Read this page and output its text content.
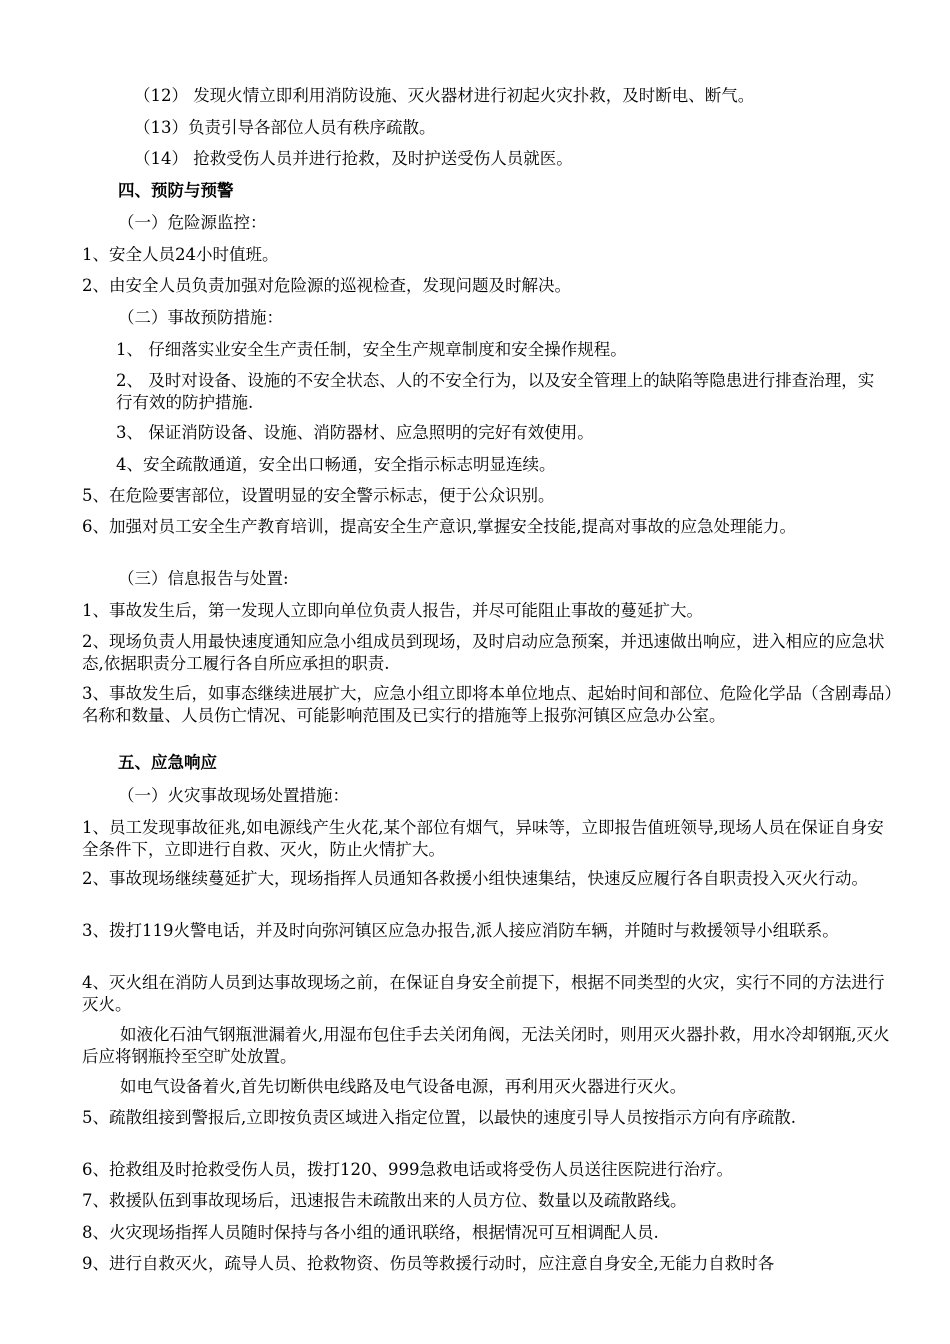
（12） 发现火情立即利用消防设施、灭火器材进行初起火灾扑救，及时断电、断气。
（13）负责引导各部位人员有秩序疏散。
（14） 抢救受伤人员并进行抢救，及时护送受伤人员就医。
四、预防与预警
（一）危险源监控：
1、安全人员24小时值班。
2、由安全人员负责加强对危险源的巡视检查，发现问题及时解决。
（二）事故预防措施：
1、 仔细落实业安全生产责任制，安全生产规章制度和安全操作规程。
2、 及时对设备、设施的不安全状态、人的不安全行为，以及安全管理上的缺陷等隐患进行排查治理，实行有效的防护措施.
3、 保证消防设备、设施、消防器材、应急照明的完好有效使用。
4、安全疏散通道，安全出口畅通，安全指示标志明显连续。
5、在危险要害部位，设置明显的安全警示标志，便于公众识别。
6、加强对员工安全生产教育培训，提高安全生产意识,掌握安全技能,提高对事故的应急处理能力。
（三）信息报告与处置:
1、事故发生后，第一发现人立即向单位负责人报告，并尽可能阻止事故的蔓延扩大。
2、现场负责人用最快速度通知应急小组成员到现场，及时启动应急预案，并迅速做出响应，进入相应的应急状态,依据职责分工履行各自所应承担的职责.
3、事故发生后，如事态继续进展扩大，应急小组立即将本单位地点、起始时间和部位、危险化学品（含剧毒品）名称和数量、人员伤亡情况、可能影响范围及已实行的措施等上报弥河镇区应急办公室。
五、应急响应
（一）火灾事故现场处置措施：
1、员工发现事故征兆,如电源线产生火花,某个部位有烟气，异味等，立即报告值班领导,现场人员在保证自身安全条件下，立即进行自救、灭火，防止火情扩大。
2、事故现场继续蔓延扩大，现场指挥人员通知各救援小组快速集结，快速反应履行各自职责投入灭火行动。
3、拨打119火警电话，并及时向弥河镇区应急办报告,派人接应消防车辆，并随时与救援领导小组联系。
4、灭火组在消防人员到达事故现场之前，在保证自身安全前提下，根据不同类型的火灾，实行不同的方法进行灭火。
如液化石油气钢瓶泄漏着火,用湿布包住手去关闭角阀，无法关闭时，则用灭火器扑救，用水冷却钢瓶,灭火后应将钢瓶拎至空旷处放置。
如电气设备着火,首先切断供电线路及电气设备电源，再利用灭火器进行灭火。
5、疏散组接到警报后,立即按负责区域进入指定位置，以最快的速度引导人员按指示方向有序疏散.
6、抢救组及时抢救受伤人员，拨打120、999急救电话或将受伤人员送往医院进行治疗。
7、救援队伍到事故现场后，迅速报告未疏散出来的人员方位、数量以及疏散路线。
8、火灾现场指挥人员随时保持与各小组的通讯联络，根据情况可互相调配人员.
9、进行自救灭火，疏导人员、抢救物资、伤员等救援行动时，应注意自身安全,无能力自救时各
